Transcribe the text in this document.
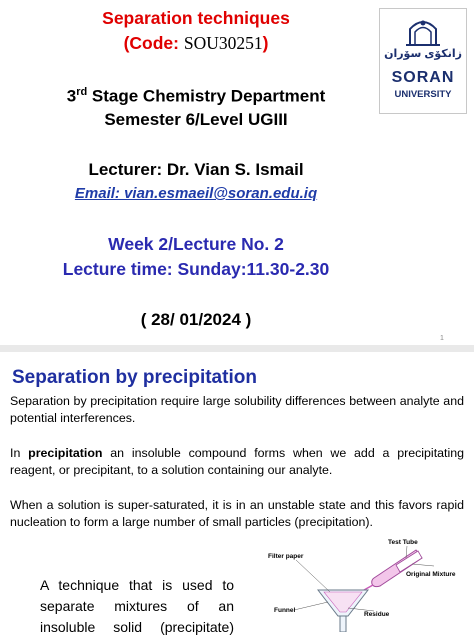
Separation techniques
(Code: SOU30251)
3rd Stage Chemistry Department
Semester 6/Level UGIII
Lecturer: Dr. Vian S. Ismail
Email: vian.esmaeil@soran.edu.iq
Week 2/Lecture No. 2
Lecture time: Sunday:11.30-2.30
( 28/ 01/2024 )
1
زانكۆی سۆران
SORAN
UNIVERSITY
Separation by precipitation
Separation by precipitation require large solubility differences between analyte and potential interferences.
In precipitation an insoluble compound forms when we add a precipitating reagent, or precipitant, to a solution containing our analyte.
When a solution is super-saturated, it is in an unstable state and this favors rapid nucleation to form a large number of small particles (precipitation).
A technique that is used to separate mixtures of an insoluble solid (precipitate)
Filter paper
Test Tube
Original Mixture
Funnel
Residue
